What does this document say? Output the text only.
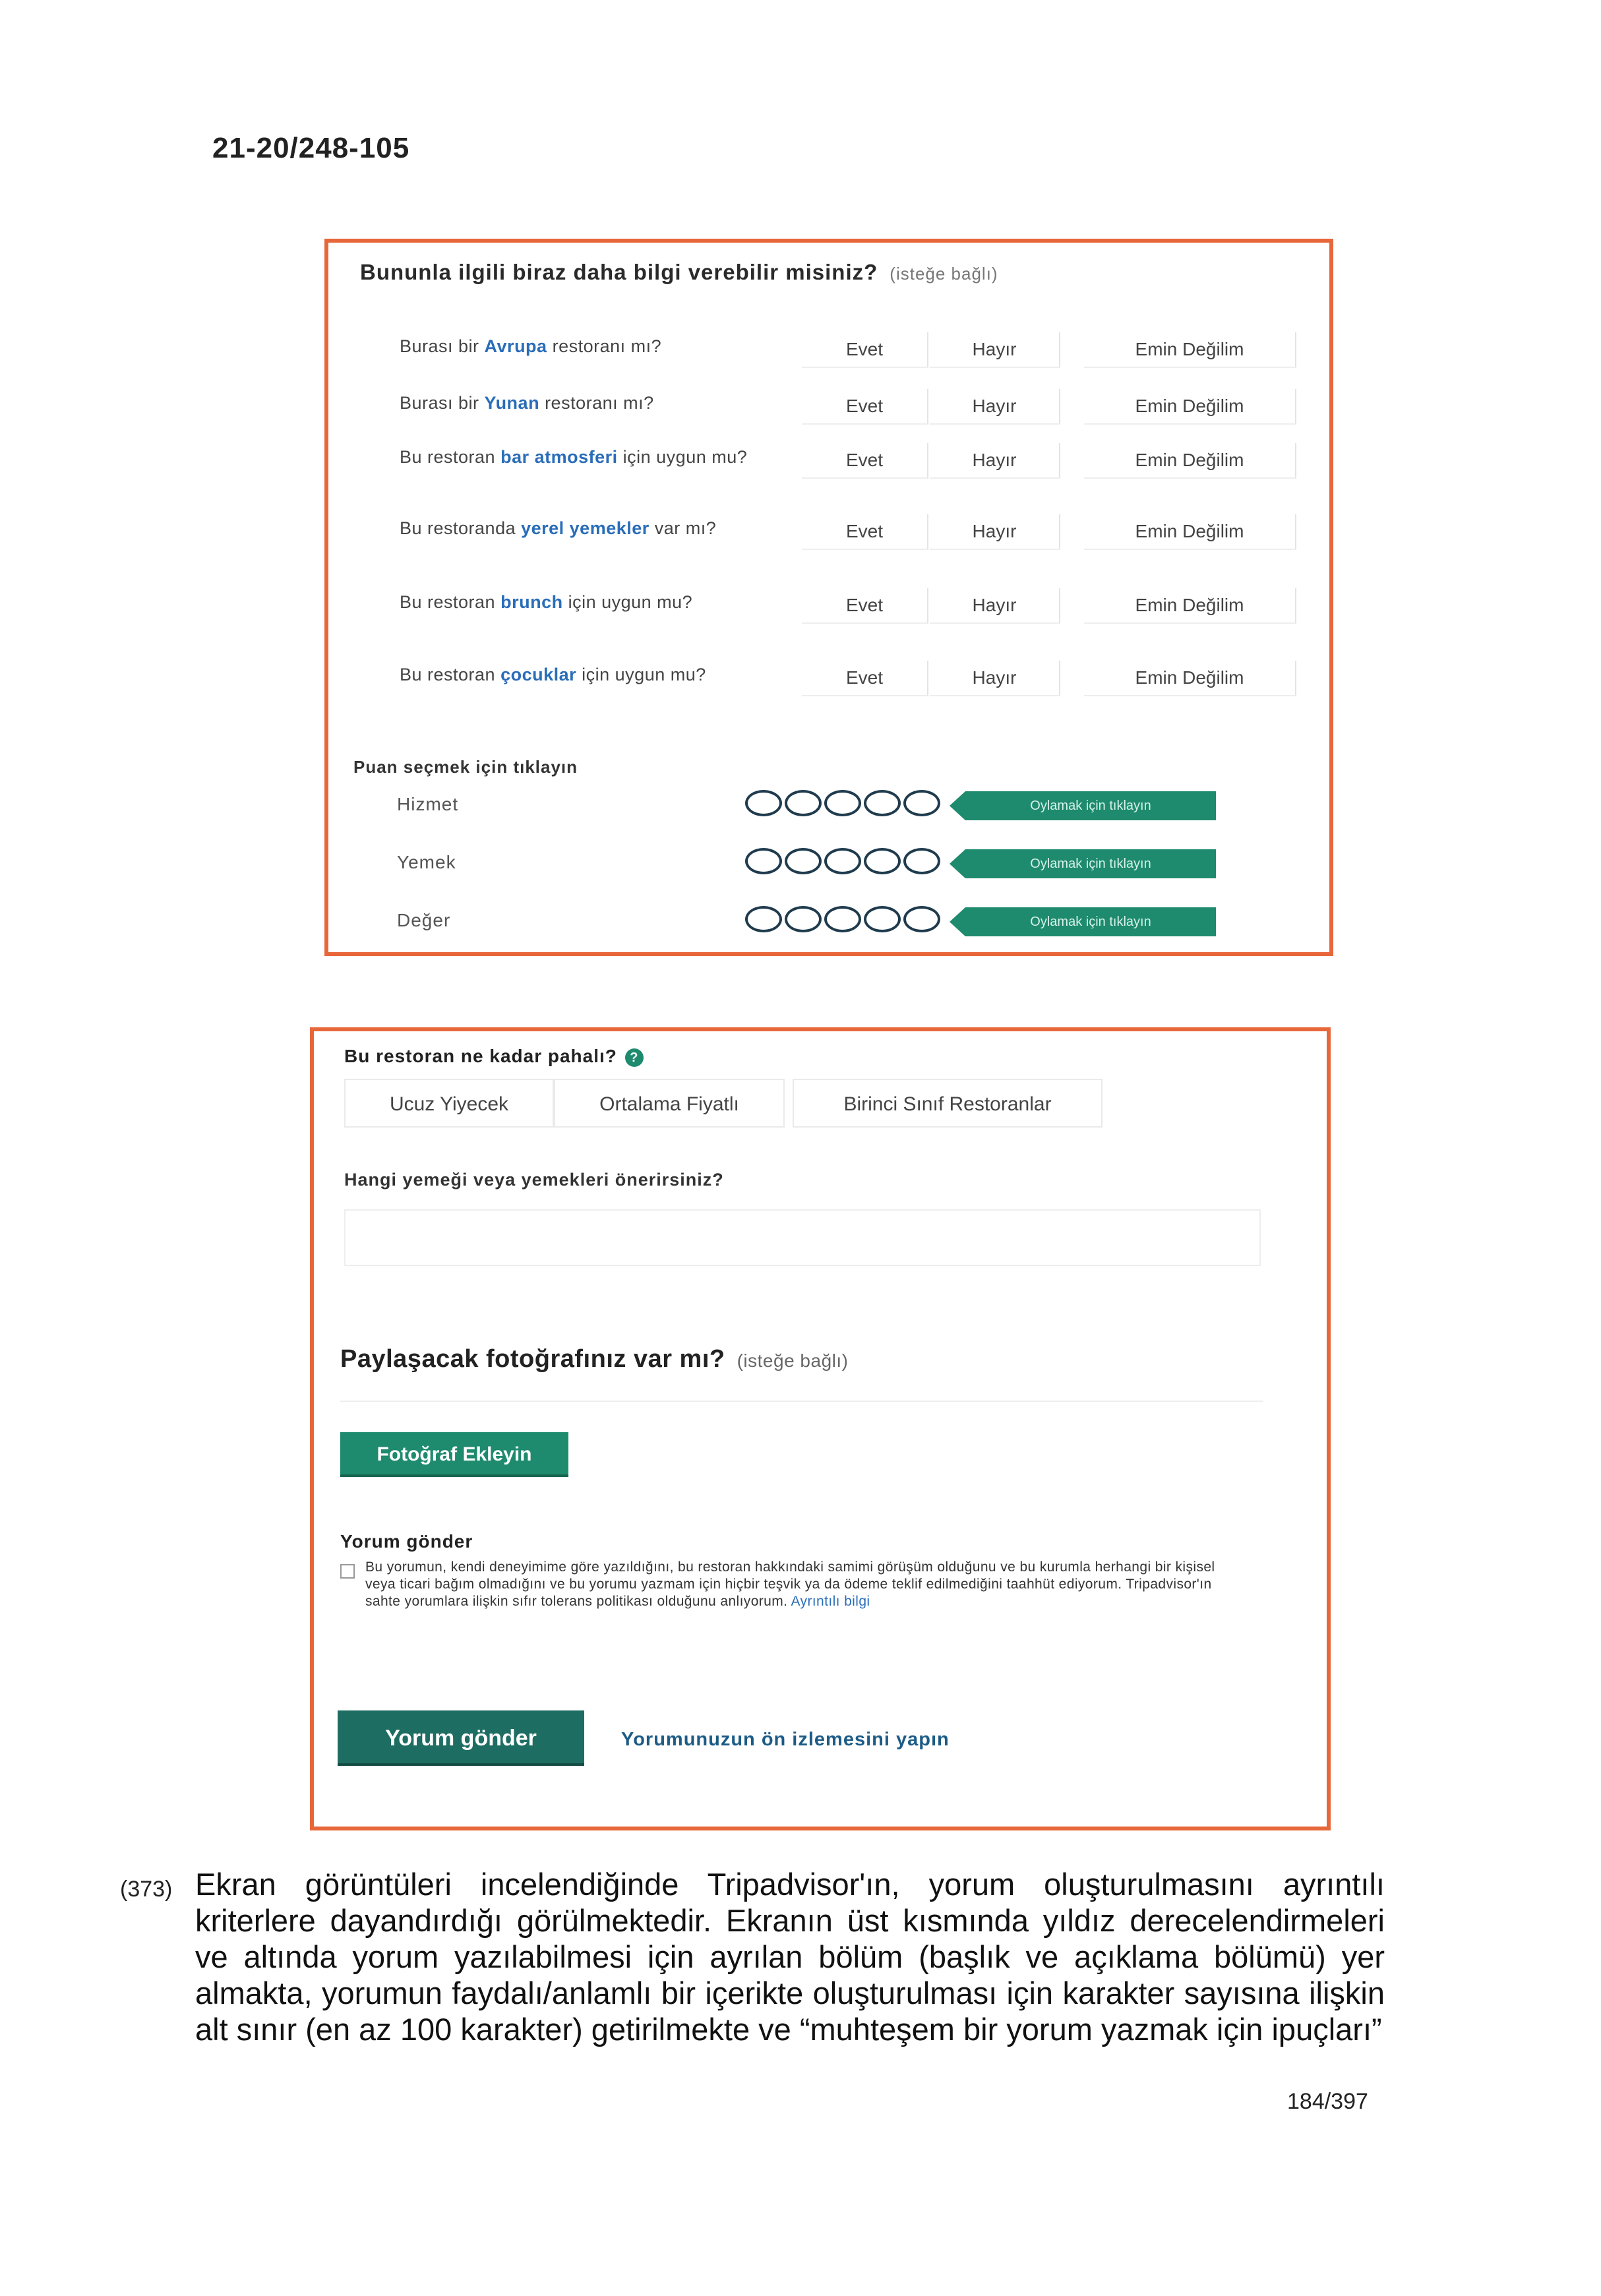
21-20/248-105
Bununla ilgili biraz daha bilgi verebilir misiniz? (isteğe bağlı)
Burası bir Avrupa restoranı mı?	Evet	Hayır	Emin Değilim
Burası bir Yunan restoranı mı?	Evet	Hayır	Emin Değilim
Bu restoran bar atmosferi için uygun mu?	Evet	Hayır	Emin Değilim
Bu restoranda yerel yemekler var mı?	Evet	Hayır	Emin Değilim
Bu restoran brunch için uygun mu?	Evet	Hayır	Emin Değilim
Bu restoran çocuklar için uygun mu?	Evet	Hayır	Emin Değilim
Puan seçmek için tıklayın
Hizmet	Oylamak için tıklayın
Yemek	Oylamak için tıklayın
Değer	Oylamak için tıklayın
Bu restoran ne kadar pahalı? ?
Ucuz Yiyecek	Ortalama Fiyatlı	Birinci Sınıf Restoranlar
Hangi yemeği veya yemekleri önerirsiniz?
Paylaşacak fotoğrafınız var mı? (isteğe bağlı)
Fotoğraf Ekleyin
Yorum gönder
Bu yorumun, kendi deneyimime göre yazıldığını, bu restoran hakkındaki samimi görüşüm olduğunu ve bu kurumla herhangi bir kişisel veya ticari bağım olmadığını ve bu yorumu yazmam için hiçbir teşvik ya da ödeme teklif edilmediğini taahhüt ediyorum. Tripadvisor'ın sahte yorumlara ilişkin sıfır tolerans politikası olduğunu anlıyorum. Ayrıntılı bilgi
Yorum gönder	Yorumunuzun ön izlemesini yapın
(373) Ekran görüntüleri incelendiğinde Tripadvisor'ın, yorum oluşturulmasını ayrıntılı kriterlere dayandırdığı görülmektedir. Ekranın üst kısmında yıldız derecelendirmeleri ve altında yorum yazılabilmesi için ayrılan bölüm (başlık ve açıklama bölümü) yer almakta, yorumun faydalı/anlamlı bir içerikte oluşturulması için karakter sayısına ilişkin alt sınır (en az 100 karakter) getirilmekte ve “muhteşem bir yorum yazmak için ipuçları”
184/397
